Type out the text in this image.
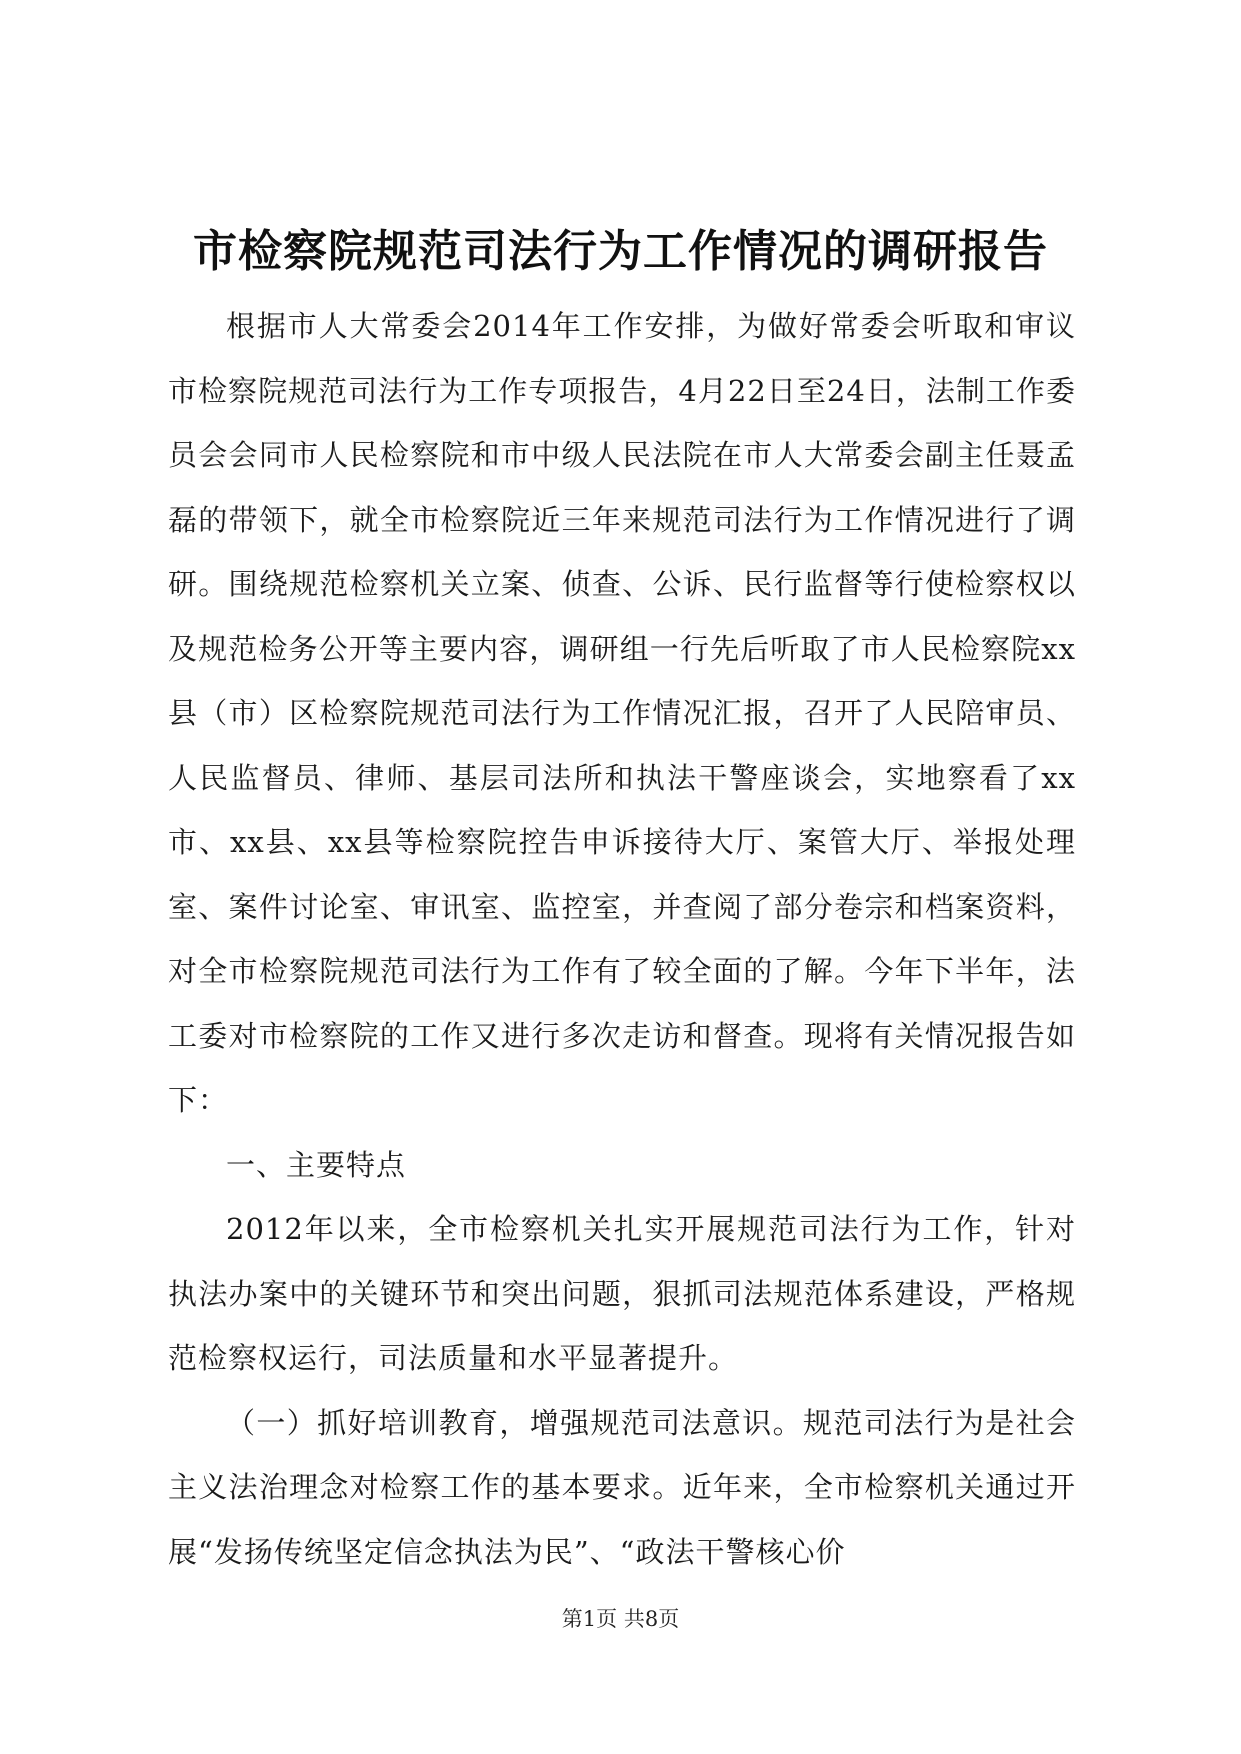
市检察院规范司法行为工作情况的调研报告

根据市人大常委会2014年工作安排，为做好常委会听取和审议市检察院规范司法行为工作专项报告，4月22日至24日，法制工作委员会会同市人民检察院和市中级人民法院在市人大常委会副主任聂孟磊的带领下，就全市检察院近三年来规范司法行为工作情况进行了调研。围绕规范检察机关立案、侦查、公诉、民行监督等行使检察权以及规范检务公开等主要内容，调研组一行先后听取了市人民检察院xx县（市）区检察院规范司法行为工作情况汇报，召开了人民陪审员、人民监督员、律师、基层司法所和执法干警座谈会，实地察看了xx市、xx县、xx县等检察院控告申诉接待大厅、案管大厅、举报处理室、案件讨论室、审讯室、监控室，并查阅了部分卷宗和档案资料，对全市检察院规范司法行为工作有了较全面的了解。今年下半年，法工委对市检察院的工作又进行多次走访和督查。现将有关情况报告如下：

一、主要特点

2012年以来，全市检察机关扎实开展规范司法行为工作，针对执法办案中的关键环节和突出问题，狠抓司法规范体系建设，严格规范检察权运行，司法质量和水平显著提升。

（一）抓好培训教育，增强规范司法意识。规范司法行为是社会主义法治理念对检察工作的基本要求。近年来，全市检察机关通过开展“发扬传统坚定信念执法为民”、“政法干警核心价

第1页 共8页
